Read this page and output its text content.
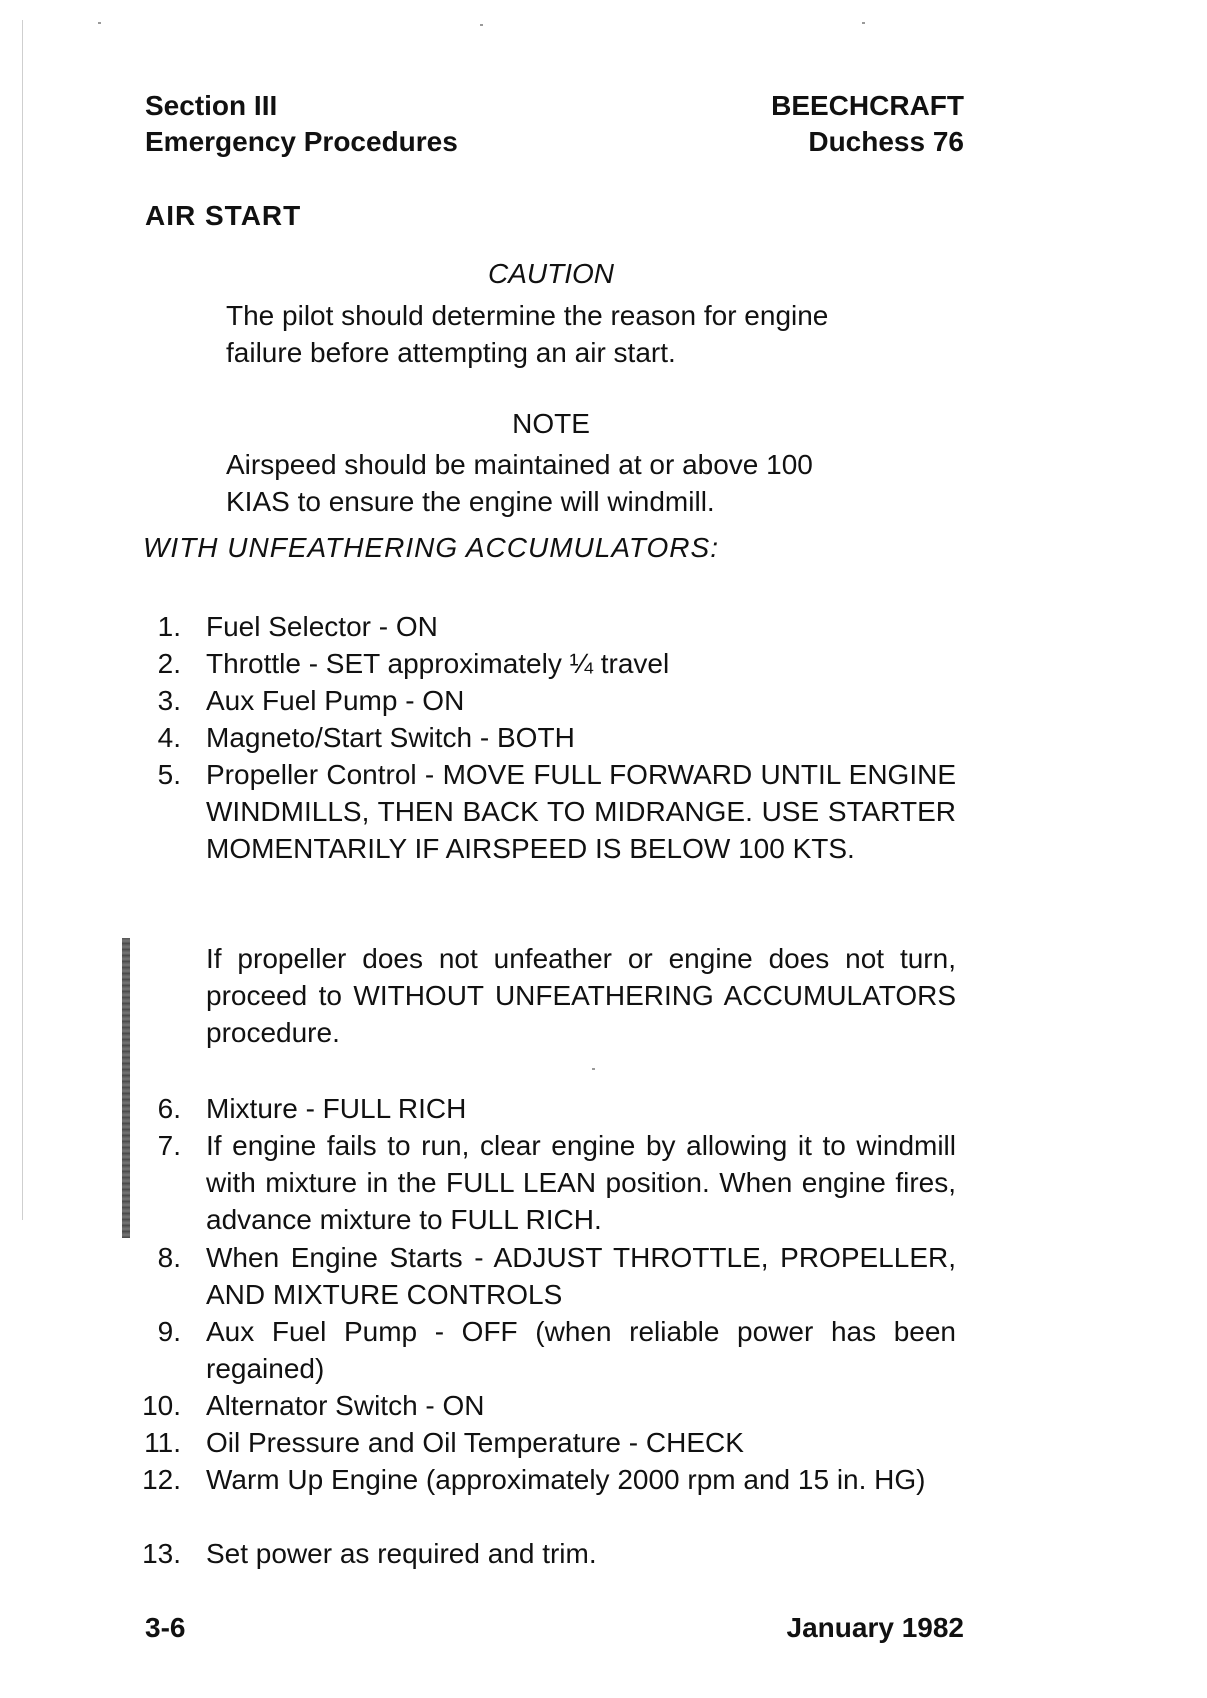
Section III
Emergency Procedures
BEECHCRAFT
Duchess 76
AIR START
CAUTION
The pilot should determine the reason for engine failure before attempting an air start.
NOTE
Airspeed should be maintained at or above 100 KIAS to ensure the engine will windmill.
WITH UNFEATHERING ACCUMULATORS:
1. Fuel Selector - ON
2. Throttle - SET approximately ¼ travel
3. Aux Fuel Pump - ON
4. Magneto/Start Switch - BOTH
5. Propeller Control - MOVE FULL FORWARD UNTIL ENGINE WINDMILLS, THEN BACK TO MIDRANGE. USE STARTER MOMENTARILY IF AIRSPEED IS BELOW 100 KTS.
If propeller does not unfeather or engine does not turn, proceed to WITHOUT UNFEATHERING ACCUMULATORS procedure.
6. Mixture - FULL RICH
7. If engine fails to run, clear engine by allowing it to windmill with mixture in the FULL LEAN position. When engine fires, advance mixture to FULL RICH.
8. When Engine Starts - ADJUST THROTTLE, PROPELLER, AND MIXTURE CONTROLS
9. Aux Fuel Pump - OFF (when reliable power has been regained)
10. Alternator Switch - ON
11. Oil Pressure and Oil Temperature - CHECK
12. Warm Up Engine (approximately 2000 rpm and 15 in. HG)
13. Set power as required and trim.
3-6	January 1982
